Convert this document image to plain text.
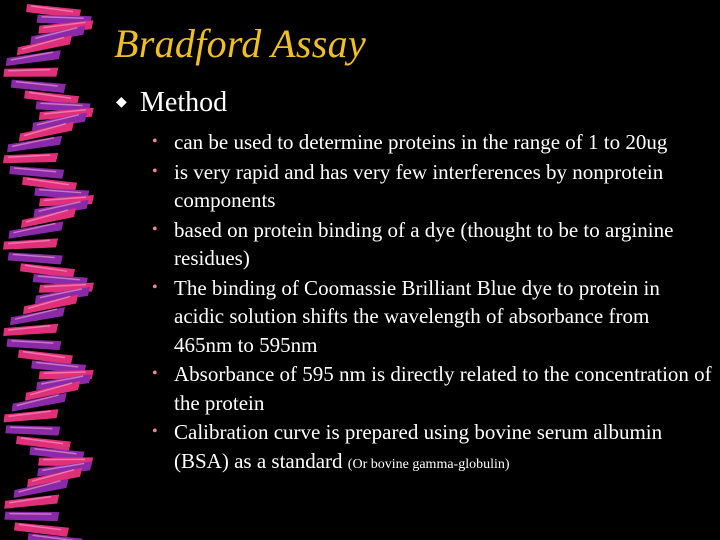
Bradford Assay
◆ Method
• can be used to determine proteins in the range of 1 to 20ug
• is very rapid and has very few interferences by nonprotein components
• based on protein binding of a dye (thought to be to arginine residues)
• The binding of Coomassie Brilliant Blue dye to protein in acidic solution shifts the wavelength of absorbance from 465nm to 595nm
• Absorbance of 595 nm is directly related to the concentration of the protein
• Calibration curve is prepared using bovine serum albumin (BSA) as a standard (Or bovine gamma-globulin)
